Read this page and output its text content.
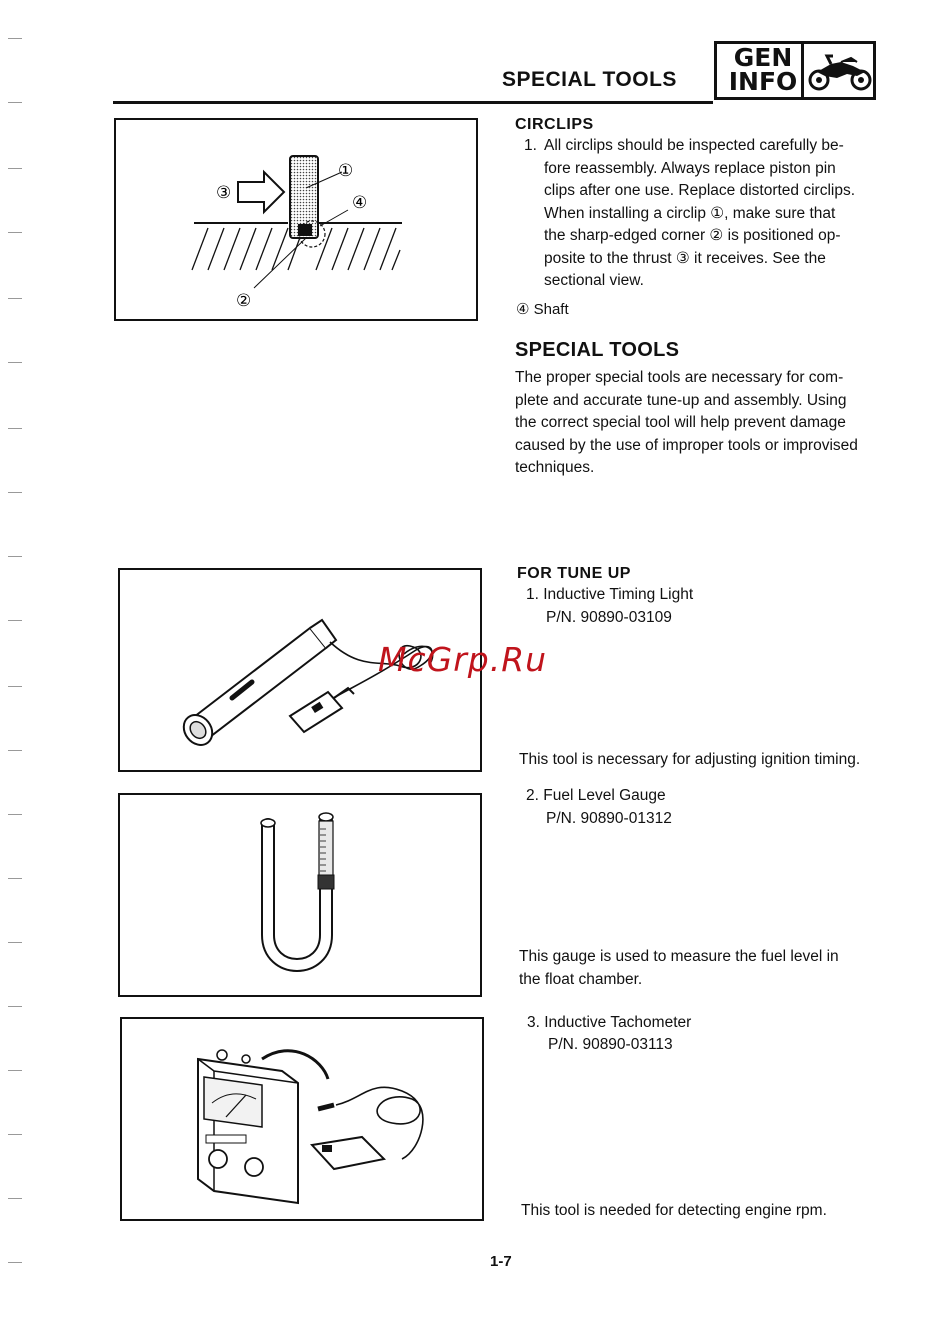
SPECIAL TOOLS
GEN
INFO
①
④
③
②
CIRCLIPS
1. All circlips should be inspected carefully be-
fore reassembly. Always replace piston pin
clips after one use. Replace distorted circlips.
When installing a circlip ①, make sure that
the sharp-edged corner ② is positioned op-
posite to the thrust ③ it receives. See the
sectional view.
④ Shaft
SPECIAL TOOLS
The proper special tools are necessary for com-
plete and accurate tune-up and assembly. Using
the correct special tool will help prevent damage
caused by the use of improper tools or improvised
techniques.
McGrp.Ru
FOR TUNE UP
1. Inductive Timing Light
P/N. 90890-03109
This tool is necessary for adjusting ignition timing.
2. Fuel Level Gauge
P/N. 90890-01312
This gauge is used to measure the fuel level in
the float chamber.
3. Inductive Tachometer
P/N. 90890-03113
This tool is needed for detecting engine rpm.
1-7
